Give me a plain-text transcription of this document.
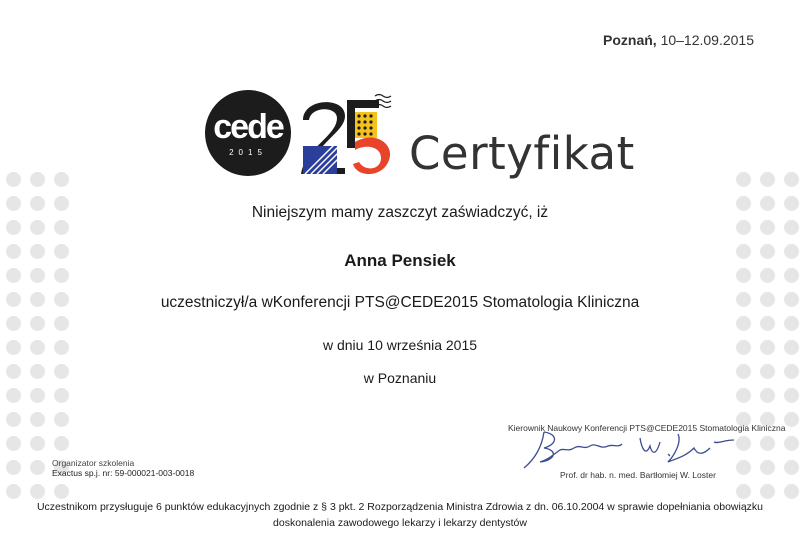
Poznań, 10–12.09.2015
cede
2015	Certyfikat
Niniejszym mamy zaszczyt zaświadczyć, iż
Anna Pensiek
uczestniczył/a wKonferencji PTS@CEDE2015 Stomatologia Kliniczna
w dniu 10 września 2015
w Poznaniu
Organizator szkolenia
Exactus sp.j. nr: 59-000021-003-0018
Kierownik Naukowy Konferencji PTS@CEDE2015 Stomatologia Kliniczna
Prof. dr hab. n. med. Bartłomiej W. Loster
Uczestnikom przysługuje 6 punktów edukacyjnych zgodnie z § 3 pkt. 2 Rozporządzenia Ministra Zdrowia z dn. 06.10.2004 w sprawie dopełniania obowiązku
doskonalenia zawodowego lekarzy i lekarzy dentystów
